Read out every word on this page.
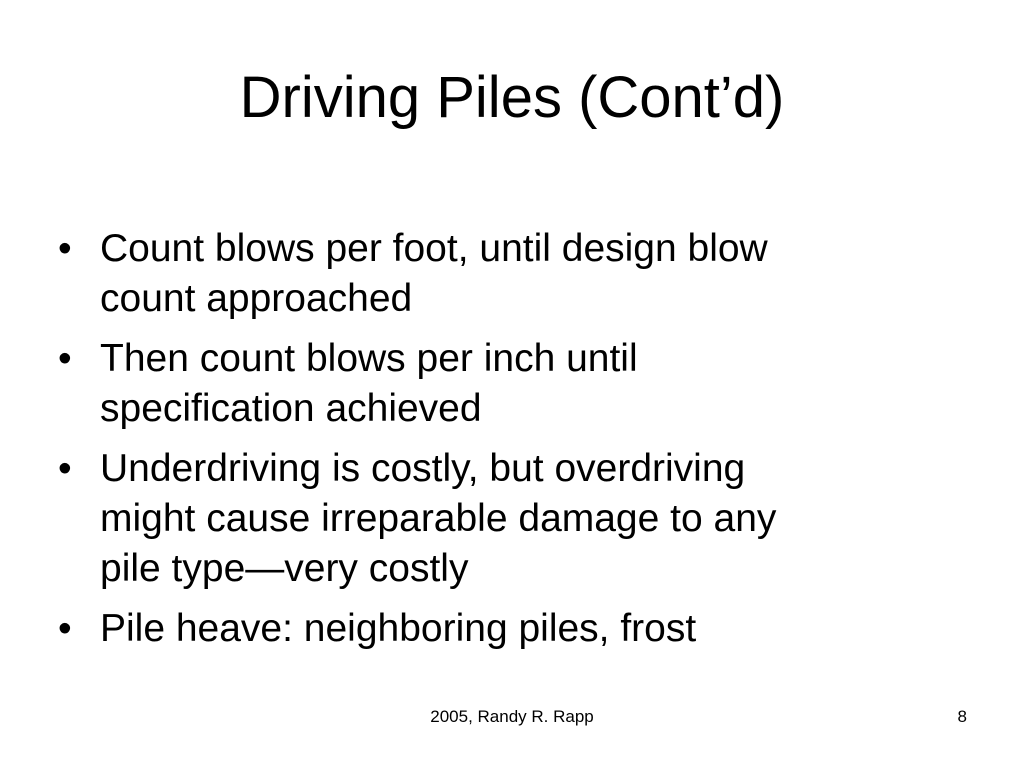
Driving Piles (Cont’d)
• Count blows per foot, until design blow
count approached
• Then count blows per inch until
specification achieved
• Underdriving is costly, but overdriving
might cause irreparable damage to any
pile type—very costly
• Pile heave: neighboring piles, frost
2005, Randy R. Rapp	8
